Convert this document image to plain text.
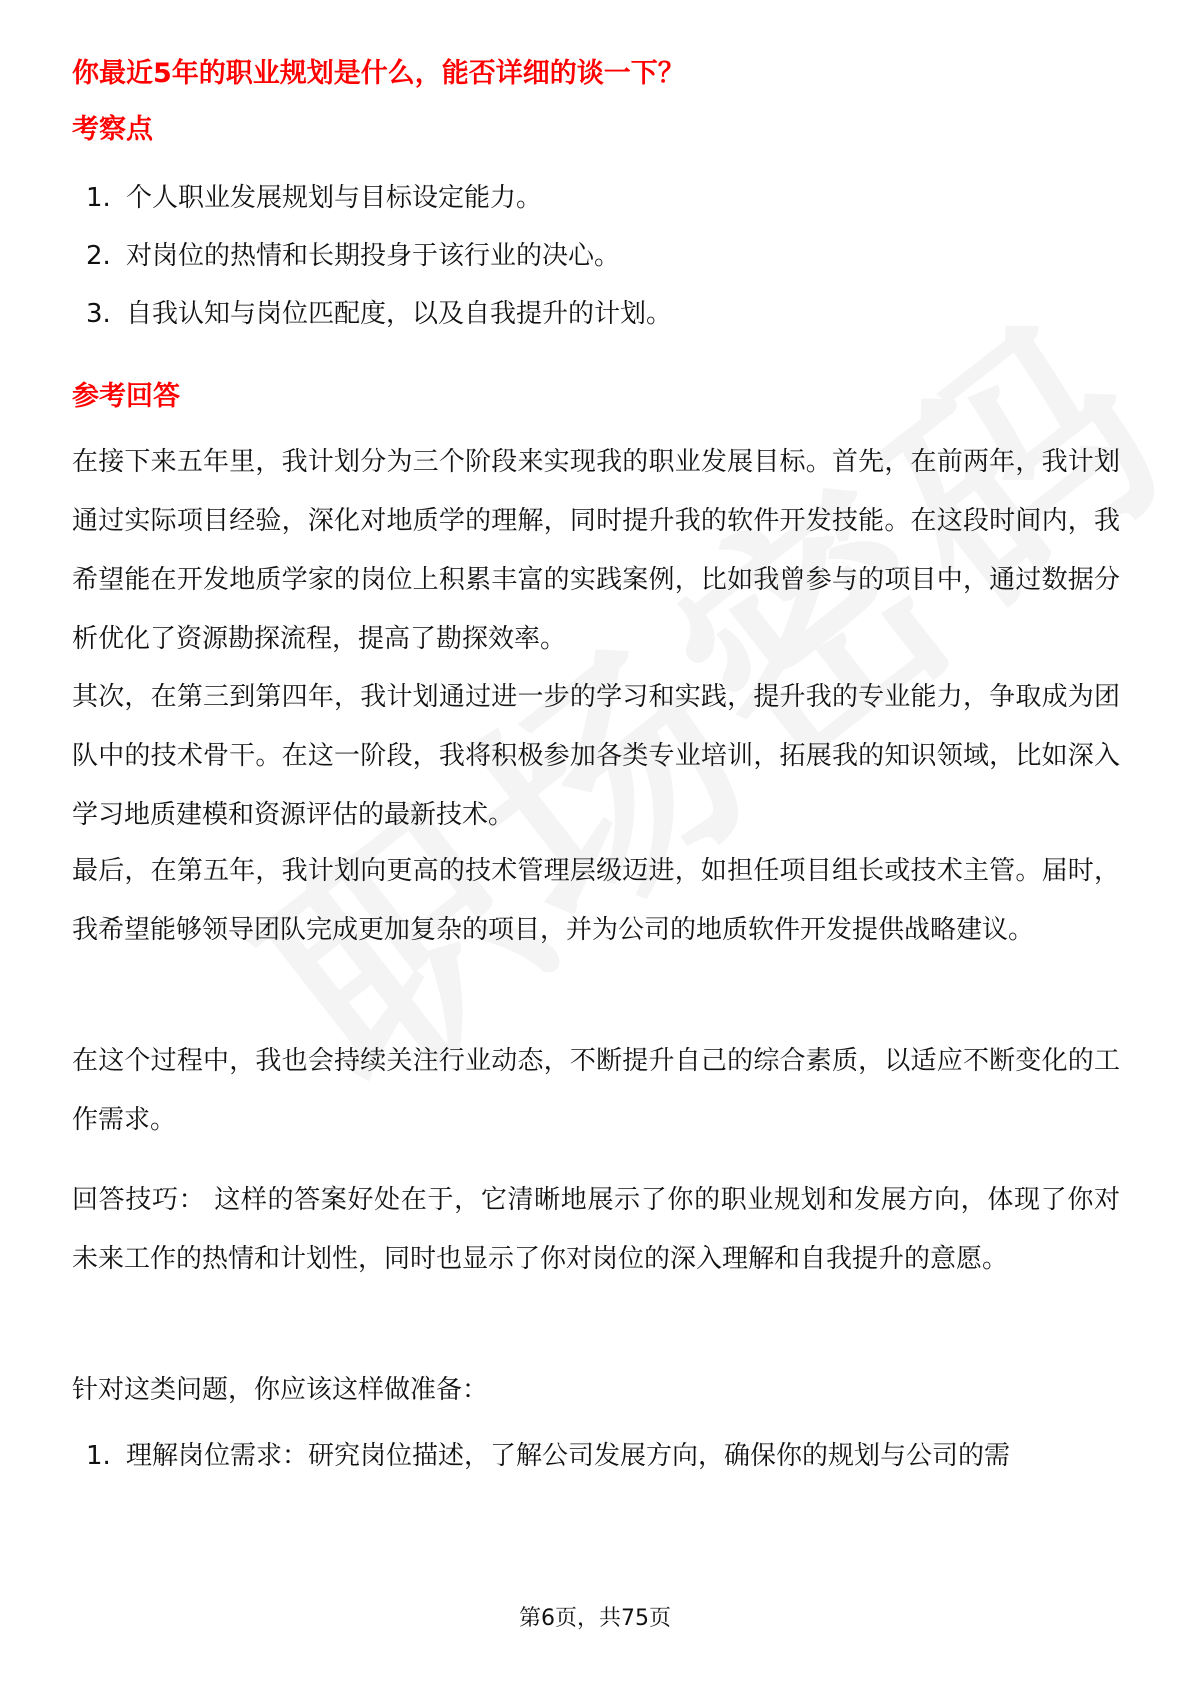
你最近5年的职业规划是什么，能否详细的谈一下？
考察点
1. 个人职业发展规划与目标设定能力。
2. 对岗位的热情和长期投身于该行业的决心。
3. 自我认知与岗位匹配度，以及自我提升的计划。
参考回答

在接下来五年里，我计划分为三个阶段来实现我的职业发展目标。首先，在前两年，我计划通过实际项目经验，深化对地质学的理解，同时提升我的软件开发技能。在这段时间内，我希望能在开发地质学家的岗位上积累丰富的实践案例，比如我曾参与的项目中，通过数据分析优化了资源勘探流程，提高了勘探效率。

其次，在第三到第四年，我计划通过进一步的学习和实践，提升我的专业能力，争取成为团队中的技术骨干。在这一阶段，我将积极参加各类专业培训，拓展我的知识领域，比如深入学习地质建模和资源评估的最新技术。

最后，在第五年，我计划向更高的技术管理层级迈进，如担任项目组长或技术主管。届时，我希望能够领导团队完成更加复杂的项目，并为公司的地质软件开发提供战略建议。

在这个过程中，我也会持续关注行业动态，不断提升自己的综合素质，以适应不断变化的工作需求。

回答技巧： 这样的答案好处在于，它清晰地展示了你的职业规划和发展方向，体现了你对未来工作的热情和计划性，同时也显示了你对岗位的深入理解和自我提升的意愿。

针对这类问题，你应该这样做准备：

1. 理解岗位需求：研究岗位描述，了解公司发展方向，确保你的规划与公司的需
第6页，共75页
